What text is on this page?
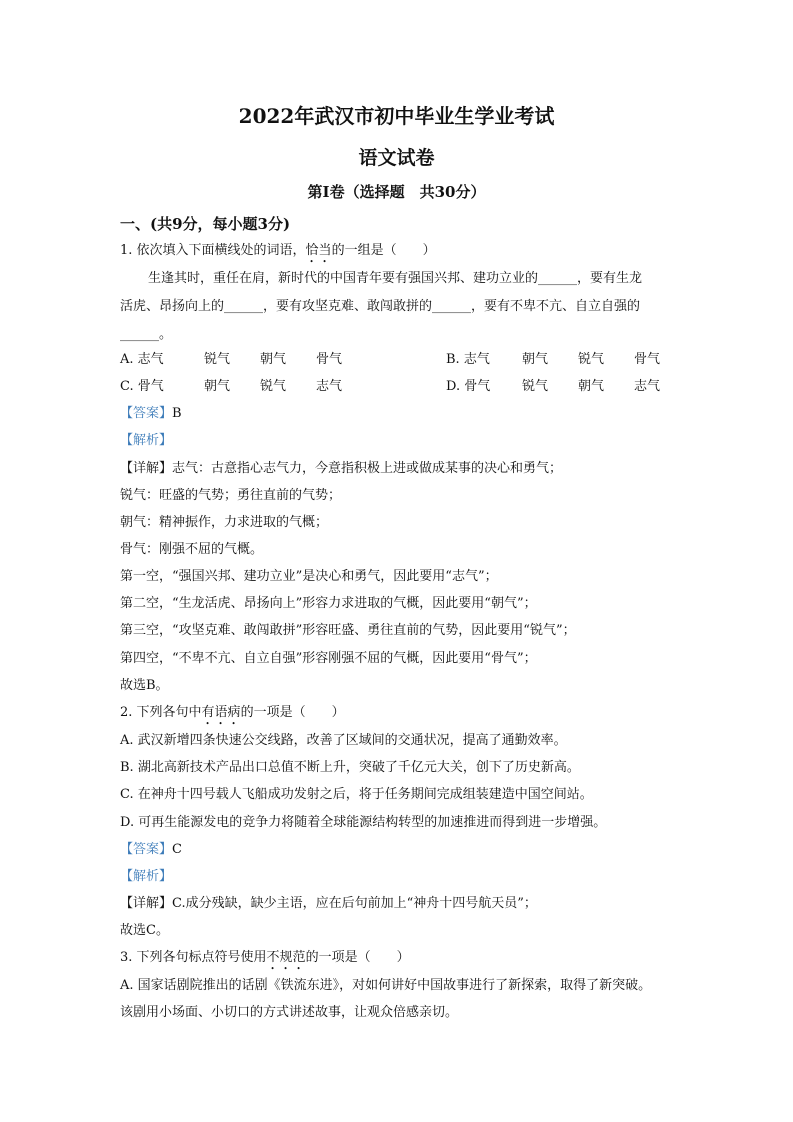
2022年武汉市初中毕业生学业考试
语文试卷
第Ⅰ卷（选择题　共30分）
一、(共9分，每小题3分)
1. 依次填入下面横线处的词语，恰当的一组是（　　）
生逢其时，重任在肩，新时代的中国青年要有强国兴邦、建功立业的______，要有生龙
活虎、昂扬向上的______，要有攻坚克难、敢闯敢拼的______，要有不卑不亢、自立自强的
______。
A. 志气	锐气 朝气 骨气	B. 志气 朝气 锐气 骨气
C. 骨气	朝气 锐气 志气	D. 骨气 锐气 朝气 志气
【答案】B
【解析】
【详解】志气：古意指心志气力，今意指积极上进或做成某事的决心和勇气；
锐气：旺盛的气势；勇往直前的气势；
朝气：精神振作，力求进取的气概；
骨气：刚强不屈的气概。
第一空，“强国兴邦、建功立业”是决心和勇气，因此要用“志气”；
第二空，“生龙活虎、昂扬向上”形容力求进取的气概，因此要用“朝气”；
第三空，“攻坚克难、敢闯敢拼”形容旺盛、勇往直前的气势，因此要用“锐气”；
第四空，“不卑不亢、自立自强”形容刚强不屈的气概，因此要用“骨气”；
故选B。
2. 下列各句中有语病的一项是（　　）
A. 武汉新增四条快速公交线路，改善了区域间的交通状况，提高了通勤效率。
B. 湖北高新技术产品出口总值不断上升，突破了千亿元大关，创下了历史新高。
C. 在神舟十四号载人飞船成功发射之后，将于任务期间完成组装建造中国空间站。
D. 可再生能源发电的竞争力将随着全球能源结构转型的加速推进而得到进一步增强。
【答案】C
【解析】
【详解】C.成分残缺，缺少主语，应在后句前加上“神舟十四号航天员”；
故选C。
3. 下列各句标点符号使用不规范的一项是（　　）
A. 国家话剧院推出的话剧《铁流东进》，对如何讲好中国故事进行了新探索，取得了新突破。
该剧用小场面、小切口的方式讲述故事，让观众倍感亲切。
